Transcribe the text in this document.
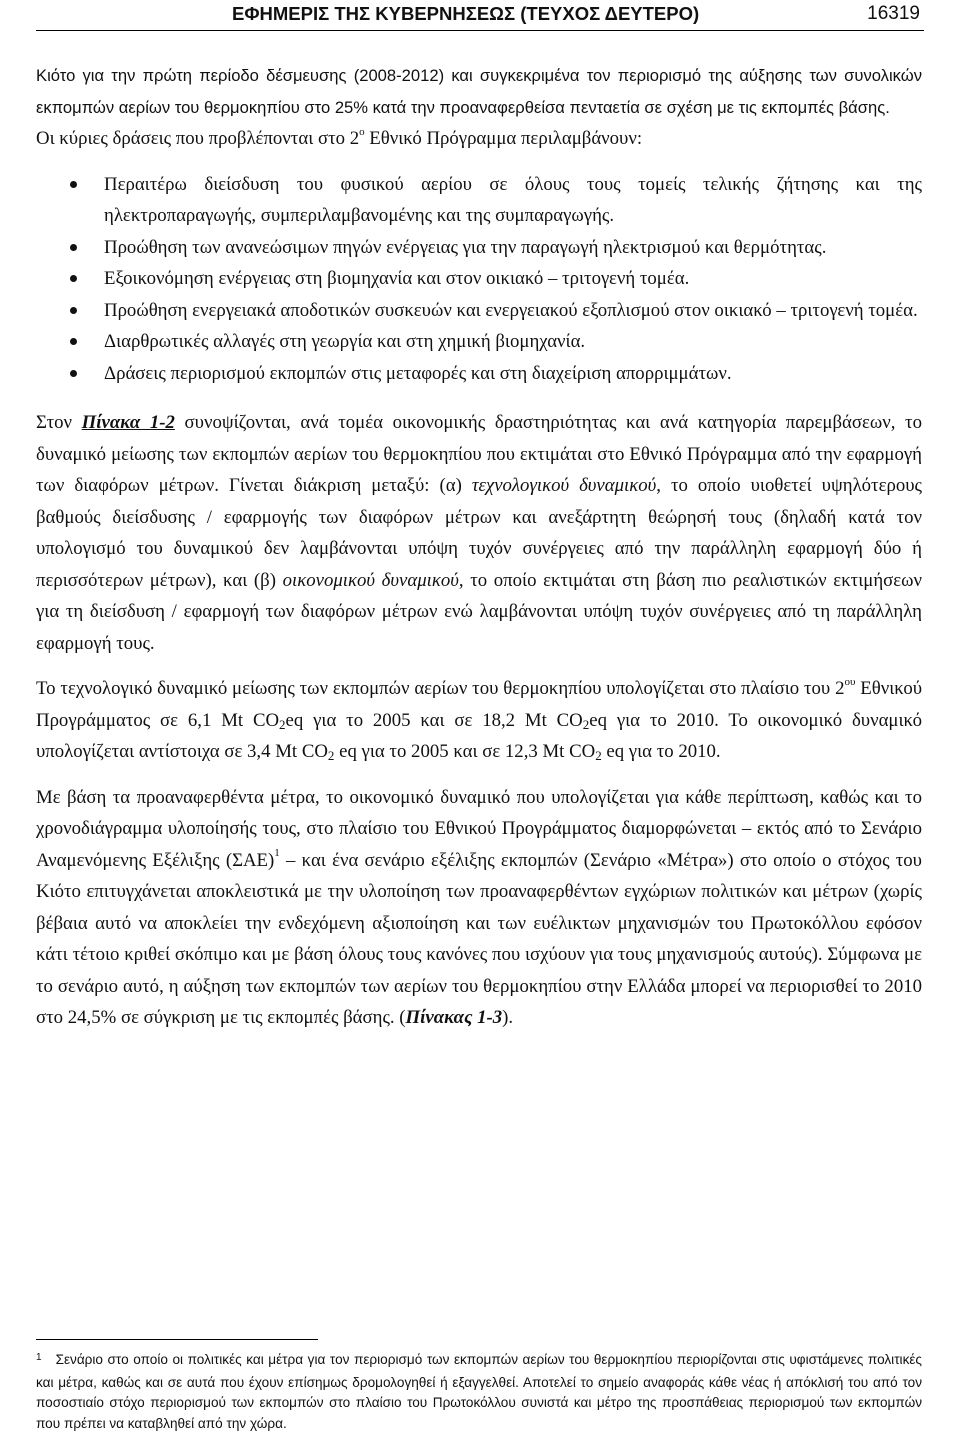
ΕΦΗΜΕΡΙΣ ΤΗΣ ΚΥΒΕΡΝΗΣΕΩΣ (ΤΕΥΧΟΣ ΔΕΥΤΕΡΟ)	16319

Κιότο για την πρώτη περίοδο δέσμευσης (2008-2012) και συγκεκριμένα τον περιορισμό της αύξησης των συνολικών εκπομπών αερίων του θερμοκηπίου στο 25% κατά την προαναφερθείσα πενταετία σε σχέση με τις εκπομπές βάσης.
Οι κύριες δράσεις που προβλέπονται στο $2^o$ Εθνικό Πρόγραμμα περιλαμβάνουν:

Περαιτέρω διείσδυση του φυσικού αερίου σε όλους τους τομείς τελικής ζήτησης και της ηλεκτροπαραγωγής, συμπεριλαμβανομένης και της συμπαραγωγής.
Προώθηση των ανανεώσιμων πηγών ενέργειας για την παραγωγή ηλεκτρισμού και θερμότητας.
Εξοικονόμηση ενέργειας στη βιομηχανία και στον οικιακό – τριτογενή τομέα.
Προώθηση ενεργειακά αποδοτικών συσκευών και ενεργειακού εξοπλισμού στον οικιακό – τριτογενή τομέα.
Διαρθρωτικές αλλαγές στη γεωργία και στη χημική βιομηχανία.
Δράσεις περιορισμού εκπομπών στις μεταφορές και στη διαχείριση απορριμμάτων.

Στον Πίνακα 1-2 συνοψίζονται, ανά τομέα οικονομικής δραστηριότητας και ανά κατηγορία παρεμβάσεων, το δυναμικό μείωσης των εκπομπών αερίων του θερμοκηπίου που εκτιμάται στο Εθνικό Πρόγραμμα από την εφαρμογή των διαφόρων μέτρων. Γίνεται διάκριση μεταξύ: (α) τεχνολογικού δυναμικού, το οποίο υιοθετεί υψηλότερους βαθμούς διείσδυσης / εφαρμογής των διαφόρων μέτρων και ανεξάρτητη θεώρησή τους (δηλαδή κατά τον υπολογισμό του δυναμικού δεν λαμβάνονται υπόψη τυχόν συνέργειες από την παράλληλη εφαρμογή δύο ή περισσότερων μέτρων), και (β) οικονομικού δυναμικού, το οποίο εκτιμάται στη βάση πιο ρεαλιστικών εκτιμήσεων για τη διείσδυση / εφαρμογή των διαφόρων μέτρων ενώ λαμβάνονται υπόψη τυχόν συνέργειες από τη παράλληλη εφαρμογή τους.

Το τεχνολογικό δυναμικό μείωσης των εκπομπών αερίων του θερμοκηπίου υπολογίζεται στο πλαίσιο του $2^{o\upsilon}$ Εθνικού Προγράμματος σε 6,1 Mt $CO_2eq$ για το 2005 και σε 18,2 Mt $CO_2eq$ για το 2010. Το οικονομικό δυναμικό υπολογίζεται αντίστοιχα σε 3,4 Mt $CO_2$ eq για το 2005 και σε 12,3 Mt $CO_2$ eq για το 2010.

Με βάση τα προαναφερθέντα μέτρα, το οικονομικό δυναμικό που υπολογίζεται για κάθε περίπτωση, καθώς και το χρονοδιάγραμμα υλοποίησής τους, στο πλαίσιο του Εθνικού Προγράμματος διαμορφώνεται – εκτός από το Σενάριο Αναμενόμενης Εξέλιξης $(\Sigma AE)^1$ – και ένα σενάριο εξέλιξης εκπομπών (Σενάριο «Μέτρα») στο οποίο ο στόχος του Κιότο επιτυγχάνεται αποκλειστικά με την υλοποίηση των προαναφερθέντων εγχώριων πολιτικών και μέτρων (χωρίς βέβαια αυτό να αποκλείει την ενδεχόμενη αξιοποίηση και των ευέλικτων μηχανισμών του Πρωτοκόλλου εφόσον κάτι τέτοιο κριθεί σκόπιμο και με βάση όλους τους κανόνες που ισχύουν για τους μηχανισμούς αυτούς). Σύμφωνα με το σενάριο αυτό, η αύξηση των εκπομπών των αερίων του θερμοκηπίου στην Ελλάδα μπορεί να περιορισθεί το 2010 στο 24,5% σε σύγκριση με τις εκπομπές βάσης. (Πίνακας 1-3).

$^1$ Σενάριο στο οποίο οι πολιτικές και μέτρα για τον περιορισμό των εκπομπών αερίων του θερμοκηπίου περιορίζονται στις υφιστάμενες πολιτικές και μέτρα, καθώς και σε αυτά που έχουν επίσημως δρομολογηθεί ή εξαγγελθεί. Αποτελεί το σημείο αναφοράς κάθε νέας ή απόκλισή του από τον ποσοστιαίο στόχο περιορισμού των εκπομπών στο πλαίσιο του Πρωτοκόλλου συνιστά και μέτρο της προσπάθειας περιορισμού των εκπομπών που πρέπει να καταβληθεί από την χώρα.
